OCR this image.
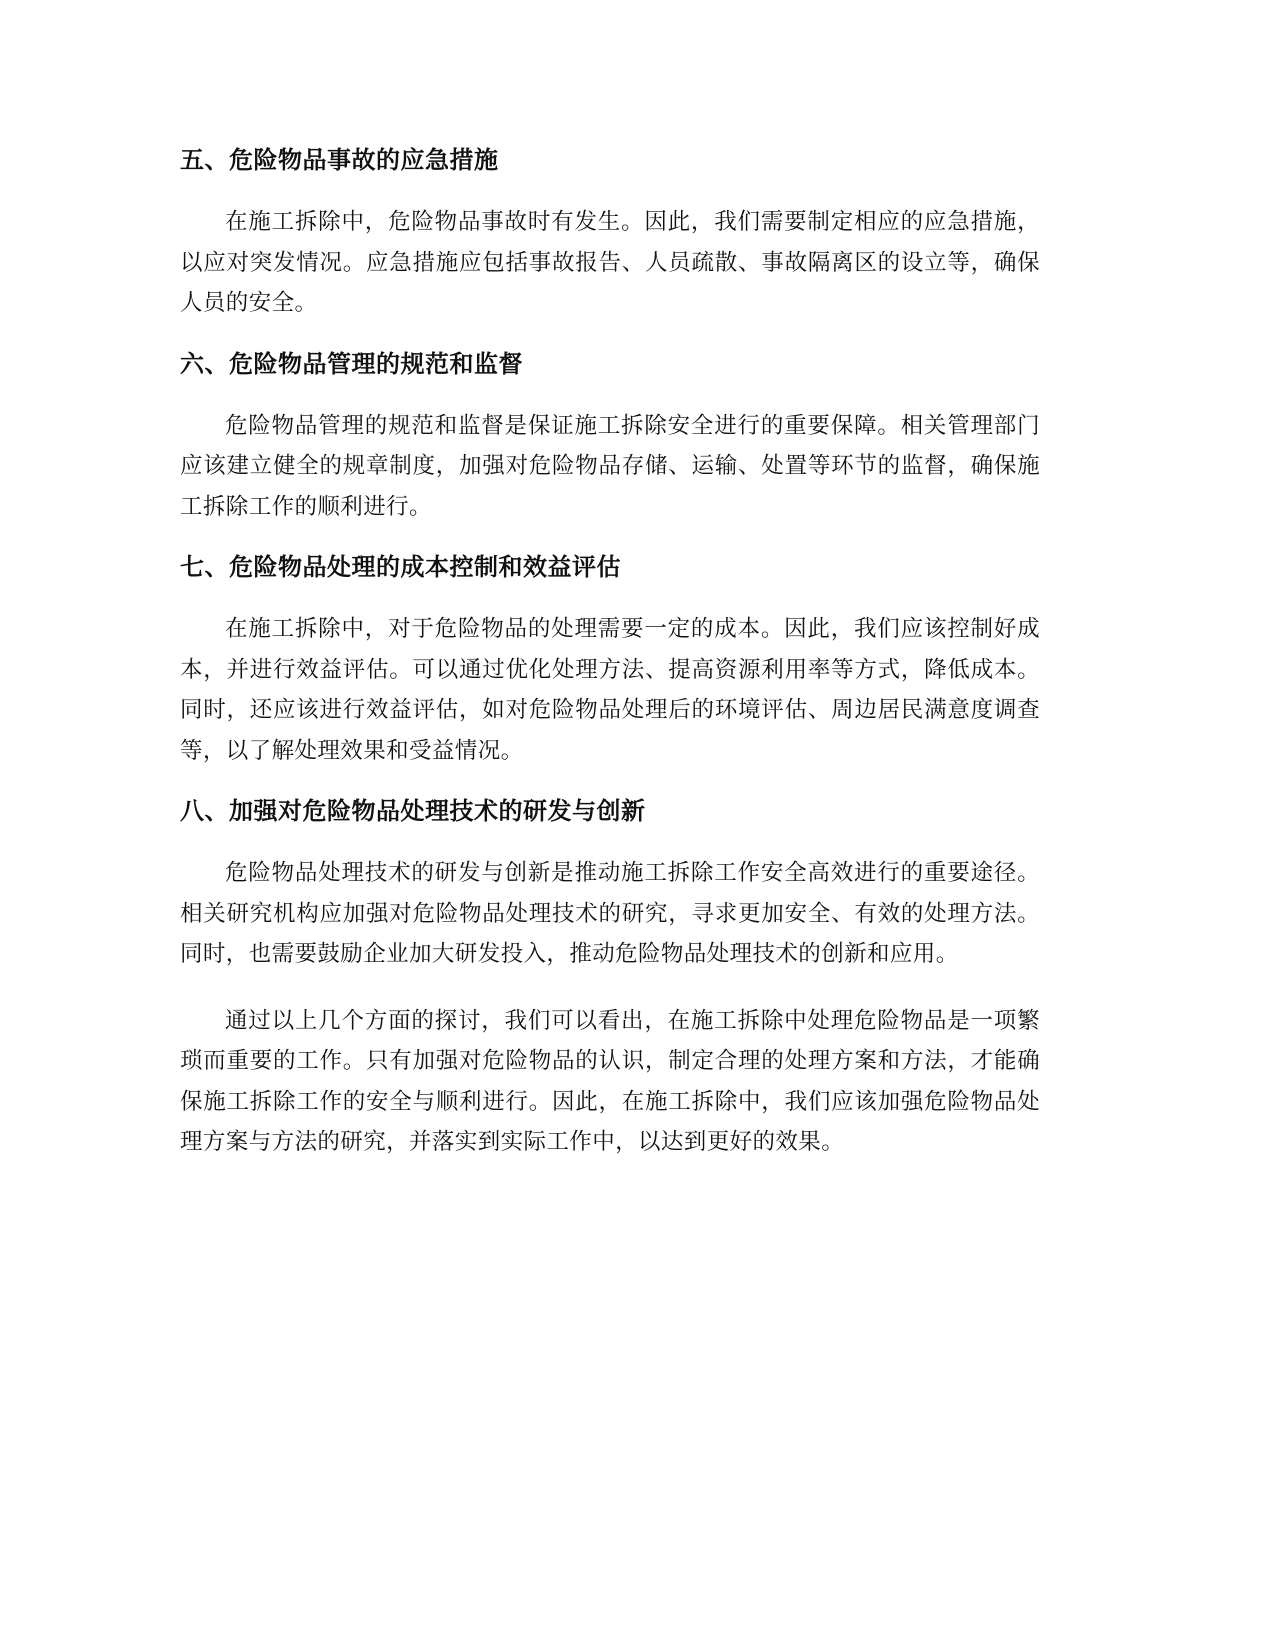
五、危险物品事故的应急措施

在施工拆除中，危险物品事故时有发生。因此，我们需要制定相应的应急措施，以应对突发情况。应急措施应包括事故报告、人员疏散、事故隔离区的设立等，确保人员的安全。

六、危险物品管理的规范和监督

危险物品管理的规范和监督是保证施工拆除安全进行的重要保障。相关管理部门应该建立健全的规章制度，加强对危险物品存储、运输、处置等环节的监督，确保施工拆除工作的顺利进行。

七、危险物品处理的成本控制和效益评估

在施工拆除中，对于危险物品的处理需要一定的成本。因此，我们应该控制好成本，并进行效益评估。可以通过优化处理方法、提高资源利用率等方式，降低成本。同时，还应该进行效益评估，如对危险物品处理后的环境评估、周边居民满意度调查等，以了解处理效果和受益情况。

八、加强对危险物品处理技术的研发与创新

危险物品处理技术的研发与创新是推动施工拆除工作安全高效进行的重要途径。相关研究机构应加强对危险物品处理技术的研究，寻求更加安全、有效的处理方法。同时，也需要鼓励企业加大研发投入，推动危险物品处理技术的创新和应用。

通过以上几个方面的探讨，我们可以看出，在施工拆除中处理危险物品是一项繁琐而重要的工作。只有加强对危险物品的认识，制定合理的处理方案和方法，才能确保施工拆除工作的安全与顺利进行。因此，在施工拆除中，我们应该加强危险物品处理方案与方法的研究，并落实到实际工作中，以达到更好的效果。
